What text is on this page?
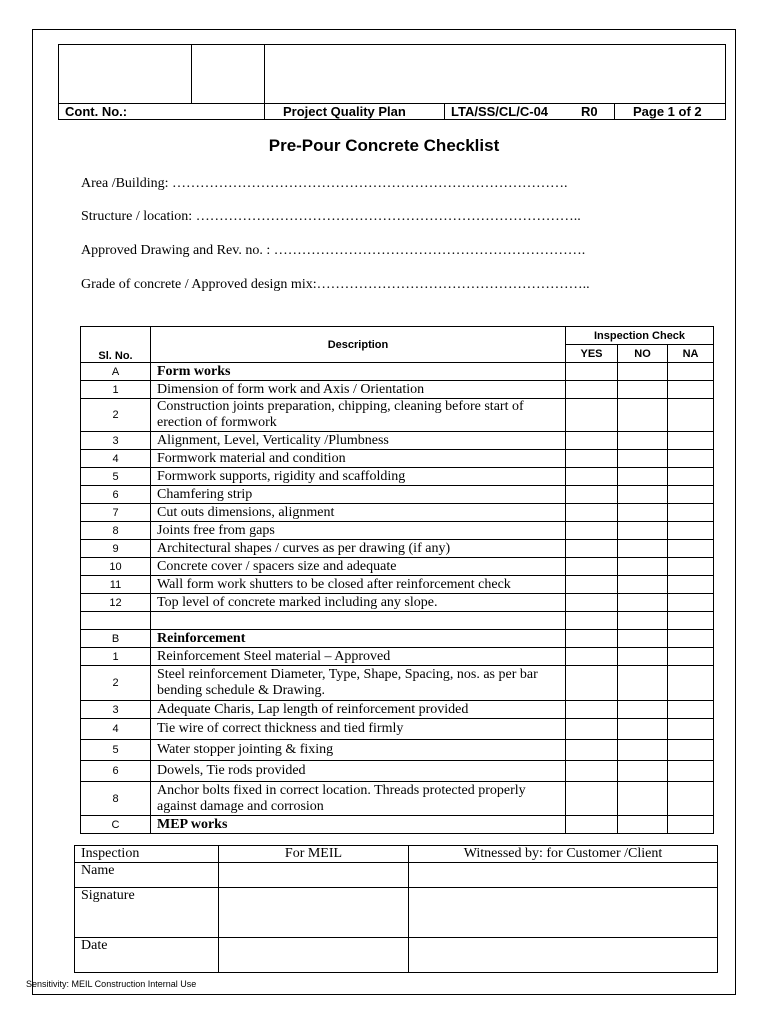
Cont. No.:	Project Quality Plan	LTA/SS/CL/C-04	R0	Page 1 of 2
Pre-Pour Concrete Checklist
Area /Building: ………………………………………………………………………….
Structure / location: ………………………………………………………………………..
Approved Drawing and Rev. no. : ………………………………………………………….
Grade of concrete / Approved design mix:…………………………………………………..
Sl. No.	Description	Inspection Check		
		YES	NO	NA
A	Form works			
1	Dimension of form work and Axis / Orientation			
2	Construction joints preparation, chipping, cleaning before start of erection of formwork			
3	Alignment, Level, Verticality /Plumbness			
4	Formwork material and condition			
5	Formwork supports, rigidity and scaffolding			
6	Chamfering strip			
7	Cut outs dimensions, alignment			
8	Joints free from gaps			
9	Architectural shapes / curves as per drawing (if any)			
10	Concrete cover / spacers size and adequate			
11	Wall form work shutters to be closed after reinforcement check			
12	Top level of concrete marked including any slope.			

B	Reinforcement			
1	Reinforcement Steel material – Approved			
2	Steel reinforcement Diameter, Type, Shape, Spacing, nos. as per bar bending schedule & Drawing.			
3	Adequate Charis, Lap length of reinforcement provided			
4	Tie wire of correct thickness and tied firmly			
5	Water stopper jointing & fixing			
6	Dowels, Tie rods provided			
8	Anchor bolts fixed in correct location. Threads protected properly against damage and corrosion			
C	MEP works			
Inspection	For MEIL	Witnessed by: for Customer /Client
Name		
Signature		
Date		
Sensitivity: MEIL Construction Internal Use
